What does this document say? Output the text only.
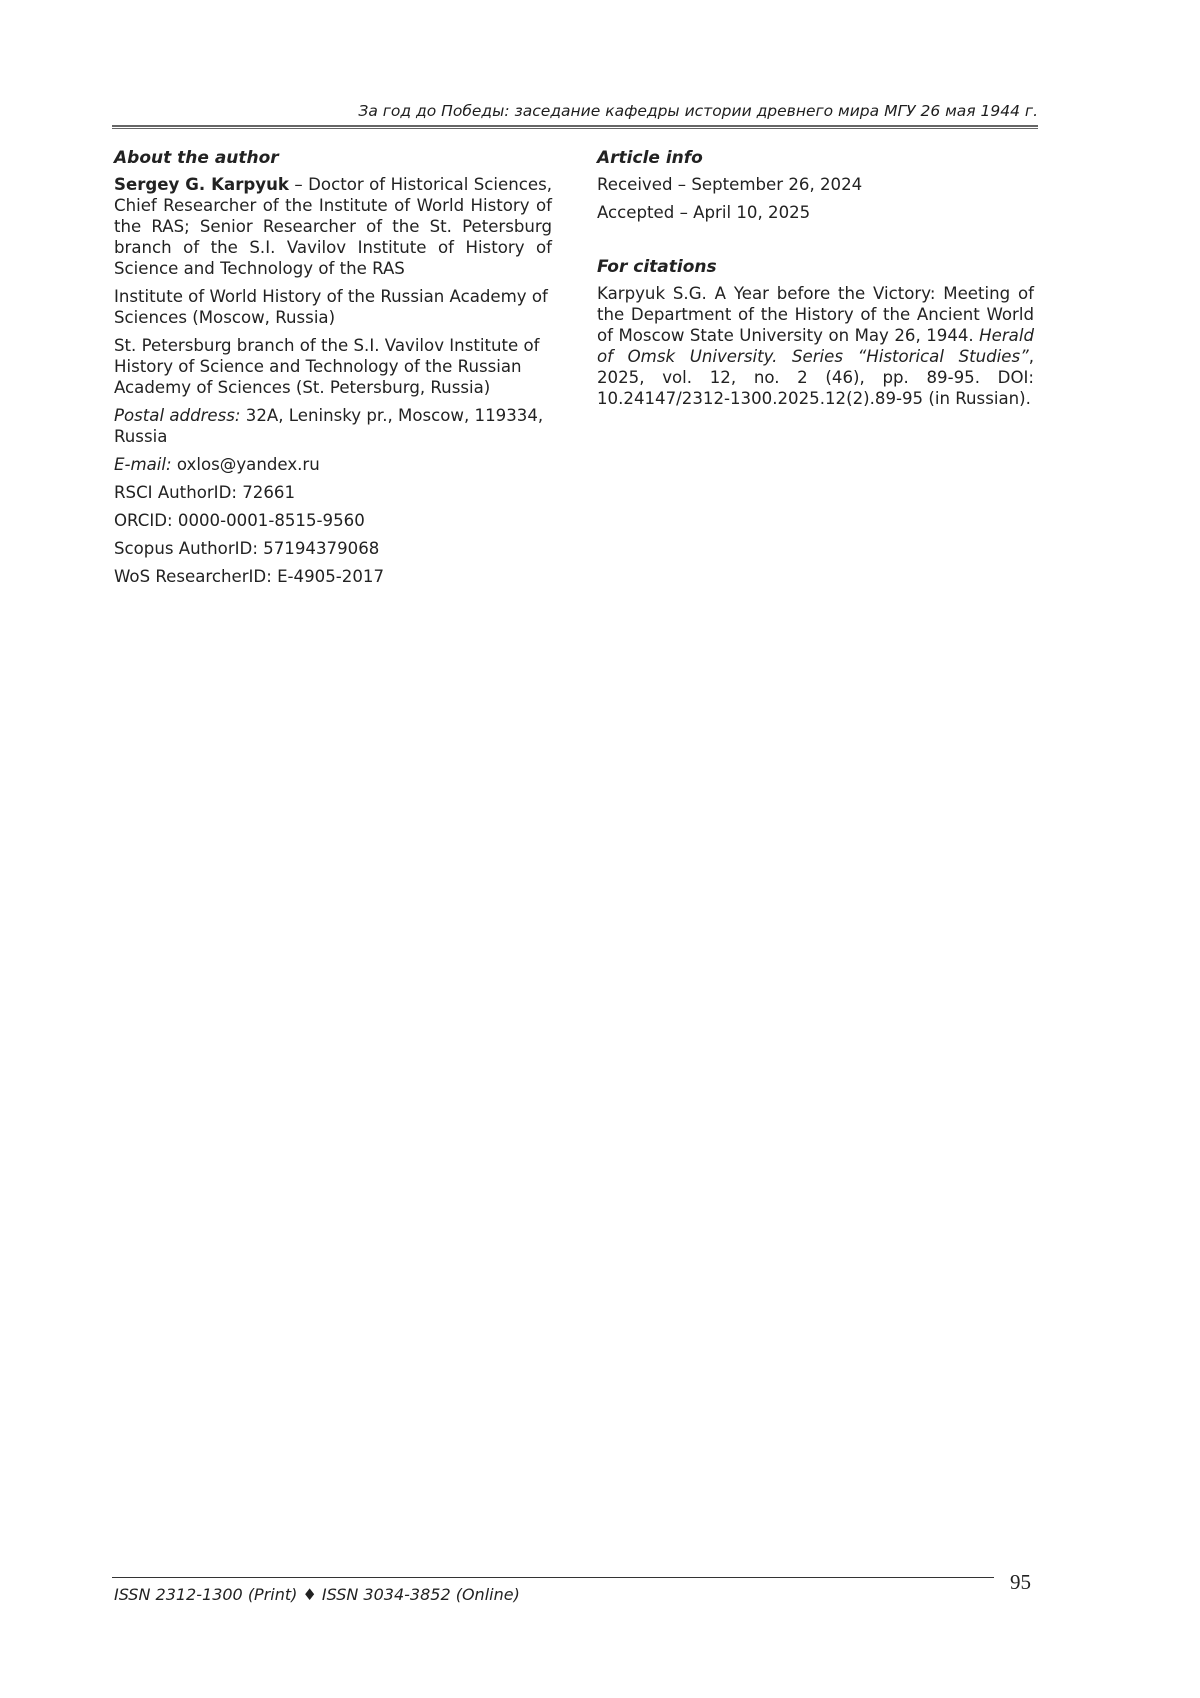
За год до Победы: заседание кафедры истории древнего мира МГУ 26 мая 1944 г.

About the author

Sergey G. Karpyuk – Doctor of Historical Sciences, Chief Researcher of the Institute of World History of the RAS; Senior Researcher of the St. Petersburg branch of the S.I. Vavilov Institute of History of Science and Technology of the RAS

Institute of World History of the Russian Academy of Sciences (Moscow, Russia)

St. Petersburg branch of the S.I. Vavilov Institute of History of Science and Technology of the Russian Academy of Sciences (St. Petersburg, Russia)

Postal address: 32A, Leninsky pr., Moscow, 119334, Russia

E-mail: oxlos@yandex.ru

RSCI AuthorID: 72661

ORCID: 0000-0001-8515-9560

Scopus AuthorID: 57194379068

WoS ResearcherID: E-4905-2017

Article info

Received – September 26, 2024

Accepted – April 10, 2025

For citations

Karpyuk S.G. A Year before the Victory: Meeting of the Department of the History of the Ancient World of Moscow State University on May 26, 1944. Herald of Omsk University. Series “Historical Studies”, 2025, vol. 12, no. 2 (46), pp. 89-95. DOI: 10.24147/2312-1300.2025.12(2).89-95 (in Russian).

ISSN 2312-1300 (Print) ♦ ISSN 3034-3852 (Online)
95
